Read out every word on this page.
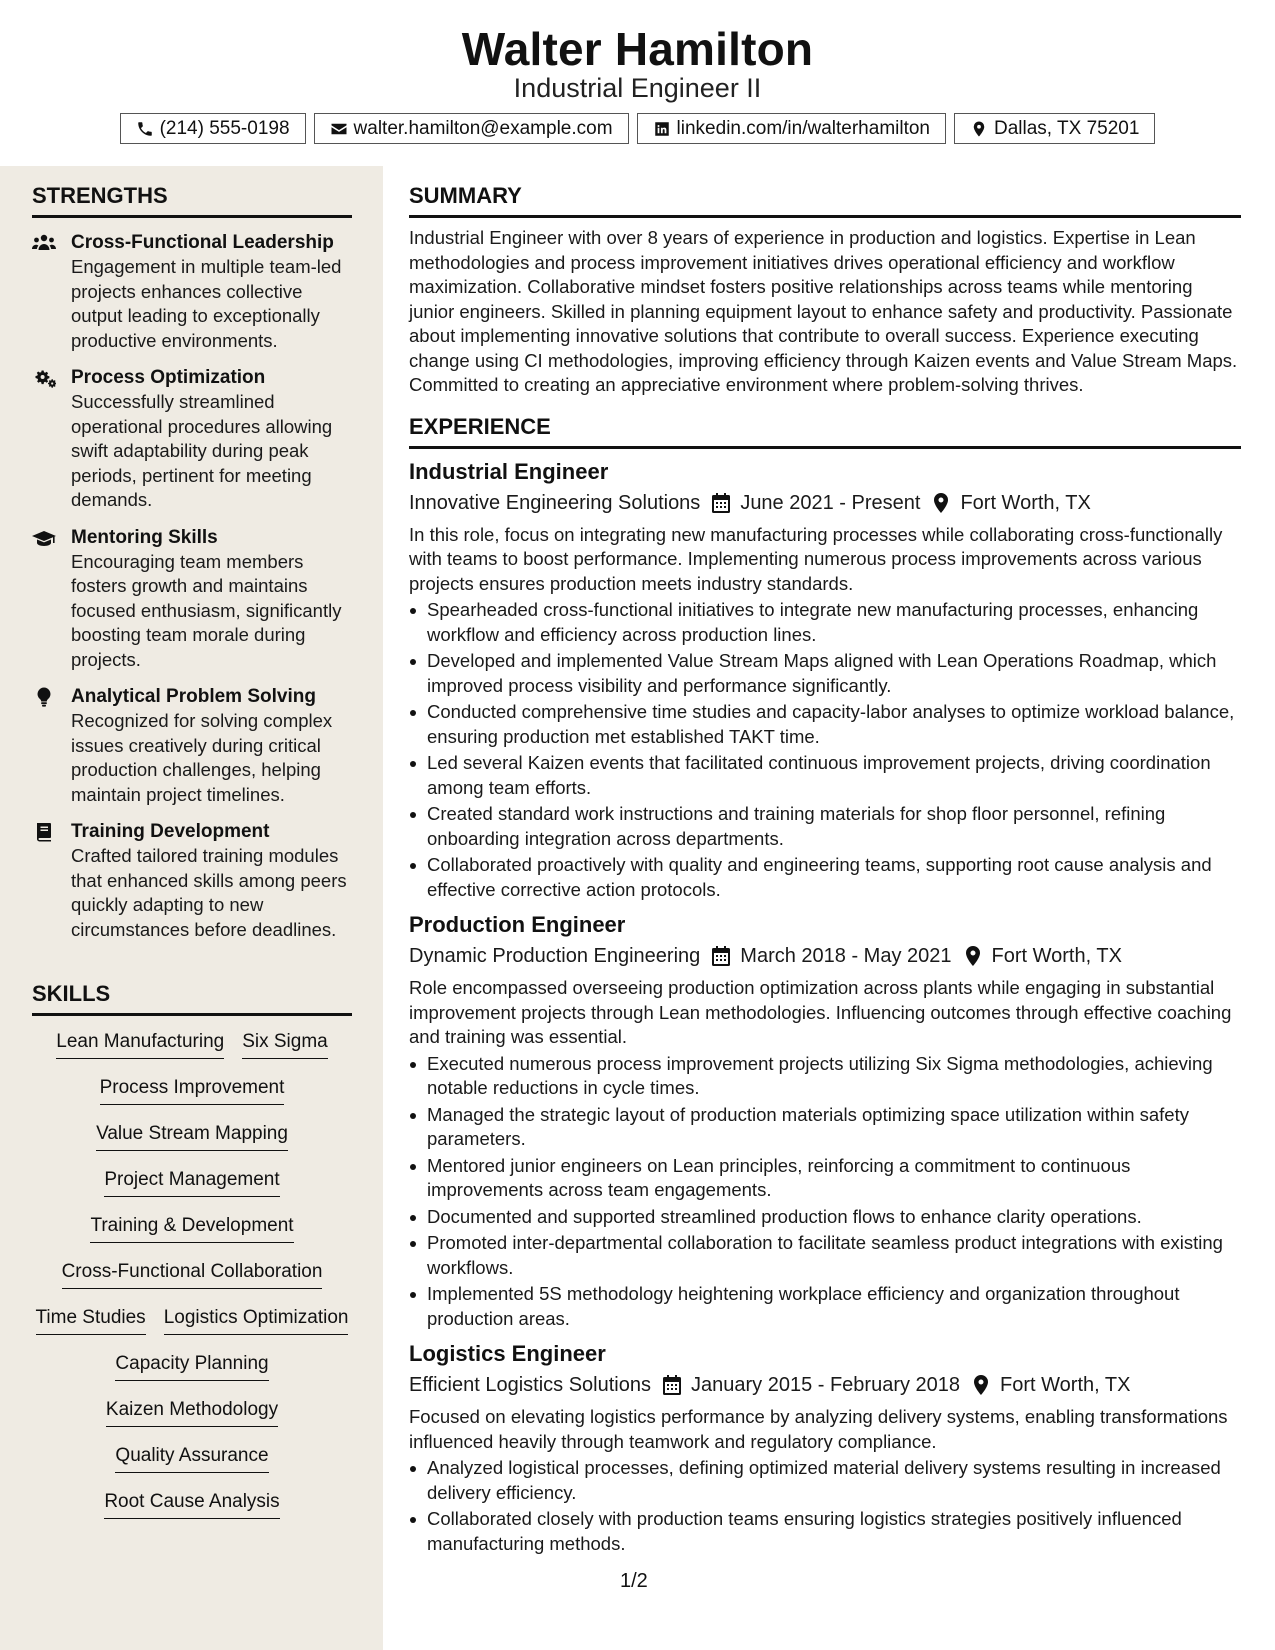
Walter Hamilton
Industrial Engineer II
(214) 555-0198	walter.hamilton@example.com	linkedin.com/in/walterhamilton	Dallas, TX 75201
STRENGTHS
Cross-Functional Leadership
Engagement in multiple team-led projects enhances collective output leading to exceptionally productive environments.
Process Optimization
Successfully streamlined operational procedures allowing swift adaptability during peak periods, pertinent for meeting demands.
Mentoring Skills
Encouraging team members fosters growth and maintains focused enthusiasm, significantly boosting team morale during projects.
Analytical Problem Solving
Recognized for solving complex issues creatively during critical production challenges, helping maintain project timelines.
Training Development
Crafted tailored training modules that enhanced skills among peers quickly adapting to new circumstances before deadlines.
SKILLS
Lean Manufacturing Six Sigma
Process Improvement
Value Stream Mapping
Project Management
Training & Development
Cross-Functional Collaboration
Time Studies Logistics Optimization
Capacity Planning
Kaizen Methodology
Quality Assurance
Root Cause Analysis
SUMMARY

Industrial Engineer with over 8 years of experience in production and logistics. Expertise in Lean methodologies and process improvement initiatives drives operational efficiency and workflow maximization. Collaborative mindset fosters positive relationships across teams while mentoring junior engineers. Skilled in planning equipment layout to enhance safety and productivity. Passionate about implementing innovative solutions that contribute to overall success. Experience executing change using CI methodologies, improving efficiency through Kaizen events and Value Stream Maps. Committed to creating an appreciative environment where problem-solving thrives.

EXPERIENCE
Industrial Engineer
Innovative Engineering Solutions June 2021 - Present Fort Worth, TX
In this role, focus on integrating new manufacturing processes while collaborating cross-functionally with teams to boost performance. Implementing numerous process improvements across various projects ensures production meets industry standards.
Spearheaded cross-functional initiatives to integrate new manufacturing processes, enhancing workflow and efficiency across production lines.
Developed and implemented Value Stream Maps aligned with Lean Operations Roadmap, which improved process visibility and performance significantly.
Conducted comprehensive time studies and capacity-labor analyses to optimize workload balance, ensuring production met established TAKT time.
Led several Kaizen events that facilitated continuous improvement projects, driving coordination among team efforts.
Created standard work instructions and training materials for shop floor personnel, refining onboarding integration across departments.
Collaborated proactively with quality and engineering teams, supporting root cause analysis and effective corrective action protocols.
Production Engineer
Dynamic Production Engineering March 2018 - May 2021 Fort Worth, TX
Role encompassed overseeing production optimization across plants while engaging in substantial improvement projects through Lean methodologies. Influencing outcomes through effective coaching and training was essential.
Executed numerous process improvement projects utilizing Six Sigma methodologies, achieving notable reductions in cycle times.
Managed the strategic layout of production materials optimizing space utilization within safety parameters.
Mentored junior engineers on Lean principles, reinforcing a commitment to continuous improvements across team engagements.
Documented and supported streamlined production flows to enhance clarity operations.
Promoted inter-departmental collaboration to facilitate seamless product integrations with existing workflows.
Implemented 5S methodology heightening workplace efficiency and organization throughout production areas.
Logistics Engineer
Efficient Logistics Solutions January 2015 - February 2018 Fort Worth, TX
Focused on elevating logistics performance by analyzing delivery systems, enabling transformations influenced heavily through teamwork and regulatory compliance.
Analyzed logistical processes, defining optimized material delivery systems resulting in increased delivery efficiency.
Collaborated closely with production teams ensuring logistics strategies positively influenced manufacturing methods.
1/2
